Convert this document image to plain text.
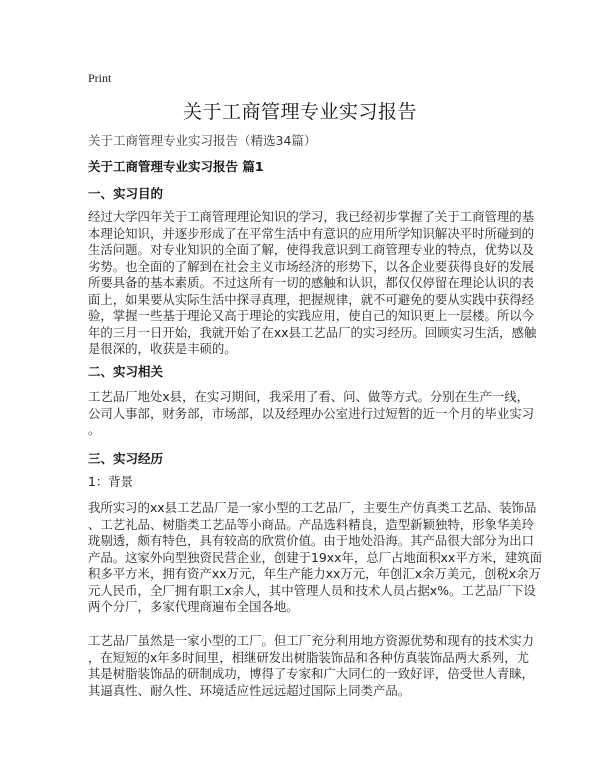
Print
关于工商管理专业实习报告
关于工商管理专业实习报告（精选34篇）
关于工商管理专业实习报告 篇1
一、实习目的
经过大学四年关于工商管理理论知识的学习，我已经初步掌握了关于工商管理的基
本理论知识，并逐步形成了在平常生活中有意识的应用所学知识解决平时所碰到的
生活问题。对专业知识的全面了解，使得我意识到工商管理专业的特点，优势以及
劣势。也全面的了解到在社会主义市场经济的形势下，以各企业要获得良好的发展
所要具备的基本素质。不过这所有一切的感触和认识，都仅仅停留在理论认识的表
面上，如果要从实际生活中探寻真理，把握规律，就不可避免的要从实践中获得经
验，掌握一些基于理论又高于理论的实践应用，使自己的知识更上一层楼。所以今
年的三月一日开始，我就开始了在xx县工艺品厂的实习经历。回顾实习生活，感触
是很深的，收获是丰硕的。
二、实习相关
工艺品厂地处x县，在实习期间，我采用了看、问、做等方式。分别在生产一线，
公司人事部，财务部，市场部，以及经理办公室进行过短暂的近一个月的毕业实习
。
三、实习经历
1：背景
我所实习的xx县工艺品厂是一家小型的工艺品厂，主要生产仿真类工艺品、装饰品
、工艺礼品、树脂类工艺品等小商品。产品选料精良，造型新颖独特，形象华美玲
珑剔透，颇有特色，具有较高的欣赏价值。由于地处沿海。其产品很大部分为出口
产品。这家外向型独资民营企业，创建于19xx年，总厂占地面积xx平方米，建筑面
积多平方米，拥有资产xx万元，年生产能力xx万元，年创汇x余万美元，创税x余万
元人民币，全厂拥有职工x余人，其中管理人员和技术人员占据x%。工艺品厂下设
两个分厂，多家代理商遍布全国各地。
工艺品厂虽然是一家小型的工厂。但工厂充分利用地方资源优势和现有的技术实力
，在短短的x年多时间里，相继研发出树脂装饰品和各种仿真装饰品两大系列，尤
其是树脂装饰品的研制成功，博得了专家和广大同仁的一致好评，倍受世人青睐，
其逼真性、耐久性、环境适应性远远超过国际上同类产品。
